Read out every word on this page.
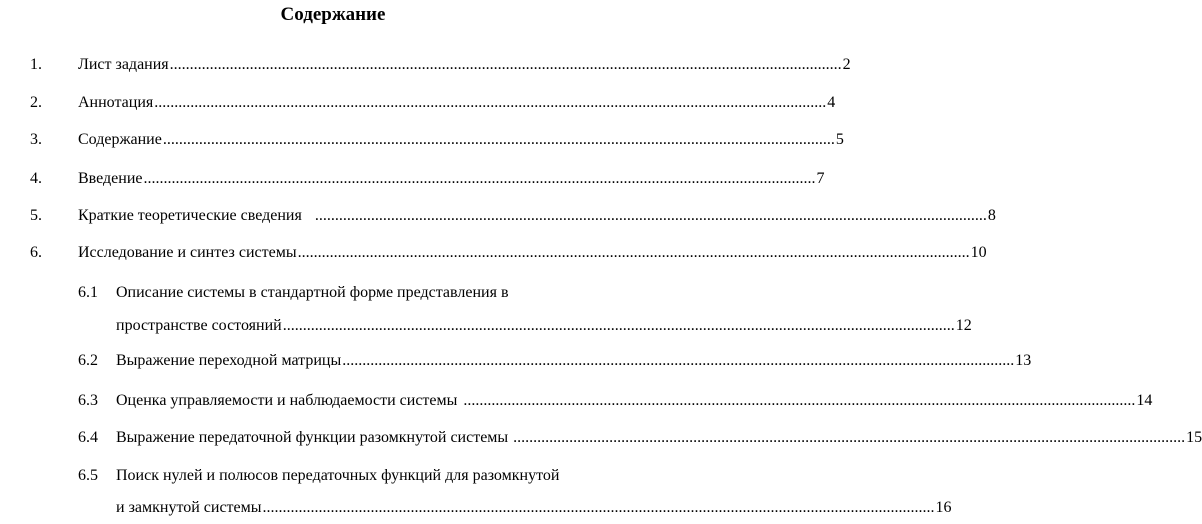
Содержание
1. Лист задания ........................................................................................................................................................................ 2
2. Аннотация ........................................................................................................................................................................ 4
3. Содержание ........................................................................................................................................................................ 5
4. Введение ........................................................................................................................................................................ 7
5. Краткие теоретические сведения ........................................................................................................................................................................ 8
6. Исследование и синтез системы ........................................................................................................................................................................ 10
6.1 Описание системы в стандартной форме представления в
пространстве состояний ........................................................................................................................................................................ 12
6.2 Выражение переходной матрицы ........................................................................................................................................................................ 13
6.3 Оценка управляемости и наблюдаемости системы ........................................................................................................................................................................ 14
6.4 Выражение передаточной функции разомкнутой системы ........................................................................................................................................................................ 15
6.5 Поиск нулей и полюсов передаточных функций для разомкнутой
и замкнутой системы ........................................................................................................................................................................ 16
